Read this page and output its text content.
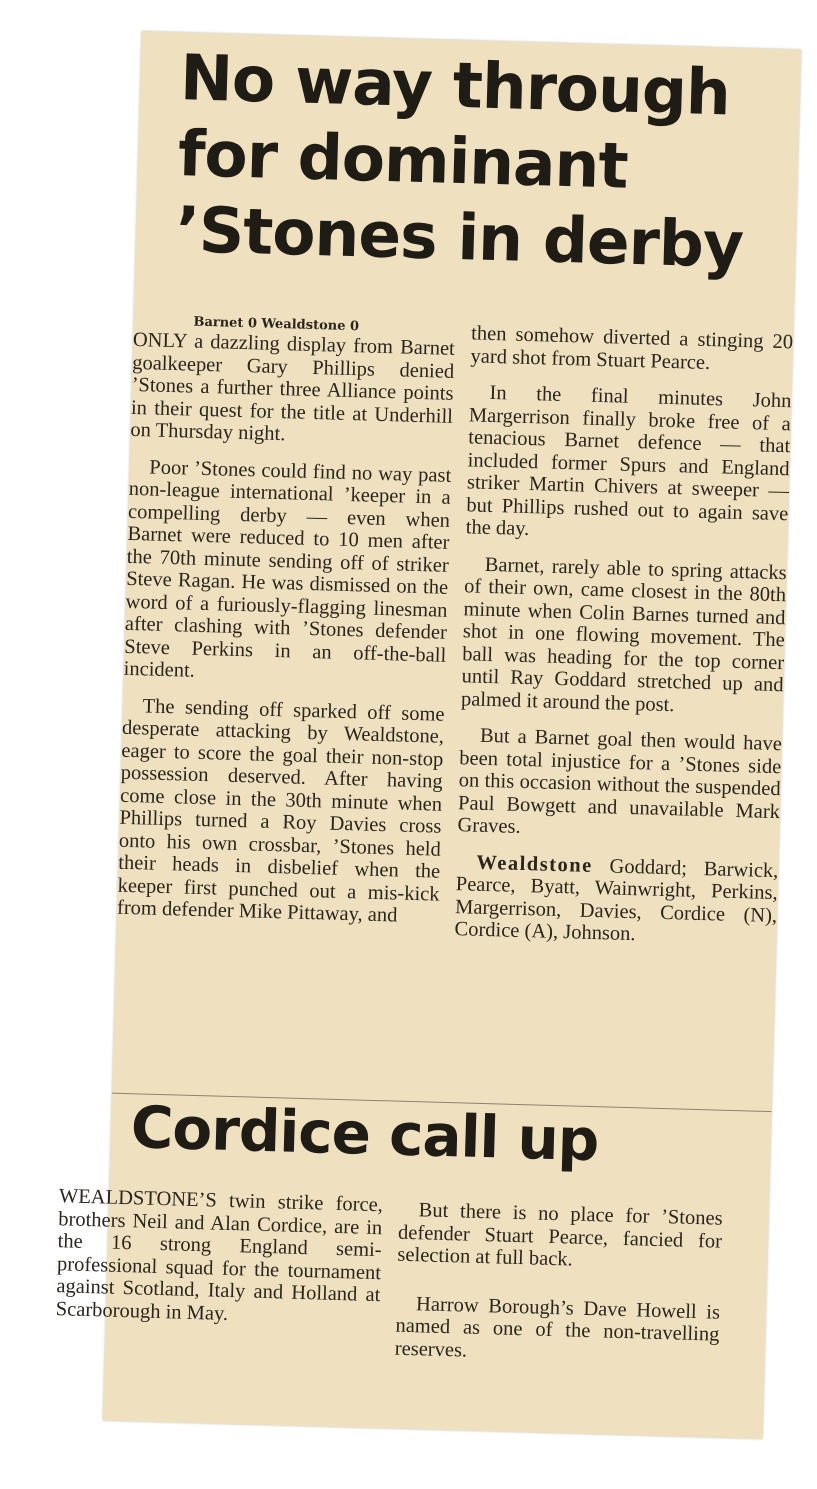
No way through
for dominant
’Stones in derby
Barnet 0 Wealdstone 0

ONLY a dazzling display from Barnet goalkeeper Gary Phillips denied ’Stones a further three Alliance points in their quest for the title at Underhill on Thursday night.

Poor ’Stones could find no way past non-league international ’keeper in a compelling derby — even when Barnet were reduced to 10 men after the 70th minute sending off of striker Steve Ragan. He was dismissed on the word of a furiously-flagging linesman after clashing with ’Stones defender Steve Perkins in an off-the-ball incident.

The sending off sparked off some desperate attacking by Wealdstone, eager to score the goal their non-stop possession deserved. After having come close in the 30th minute when Phillips turned a Roy Davies cross onto his own crossbar, ’Stones held their heads in disbelief when the keeper first punched out a mis-kick from defender Mike Pittaway, and

then somehow diverted a stinging 20 yard shot from Stuart Pearce.

In the final minutes John Margerrison finally broke free of a tenacious Barnet defence — that included former Spurs and England striker Martin Chivers at sweeper — but Phillips rushed out to again save the day.

Barnet, rarely able to spring attacks of their own, came closest in the 80th minute when Colin Barnes turned and shot in one flowing movement. The ball was heading for the top corner until Ray Goddard stretched up and palmed it around the post.

But a Barnet goal then would have been total injustice for a ’Stones side on this occasion without the suspended Paul Bowgett and unavailable Mark Graves.

Wealdstone Goddard; Barwick, Pearce, Byatt, Wainwright, Perkins, Margerrison, Davies, Cordice (N), Cordice (A), Johnson.

Cordice call up

WEALDSTONE’S twin strike force, brothers Neil and Alan Cordice, are in the 16 strong England semi-professional squad for the tournament against Scotland, Italy and Holland at Scarborough in May.

But there is no place for ’Stones defender Stuart Pearce, fancied for selection at full back.

Harrow Borough’s Dave Howell is named as one of the non-travelling reserves.
